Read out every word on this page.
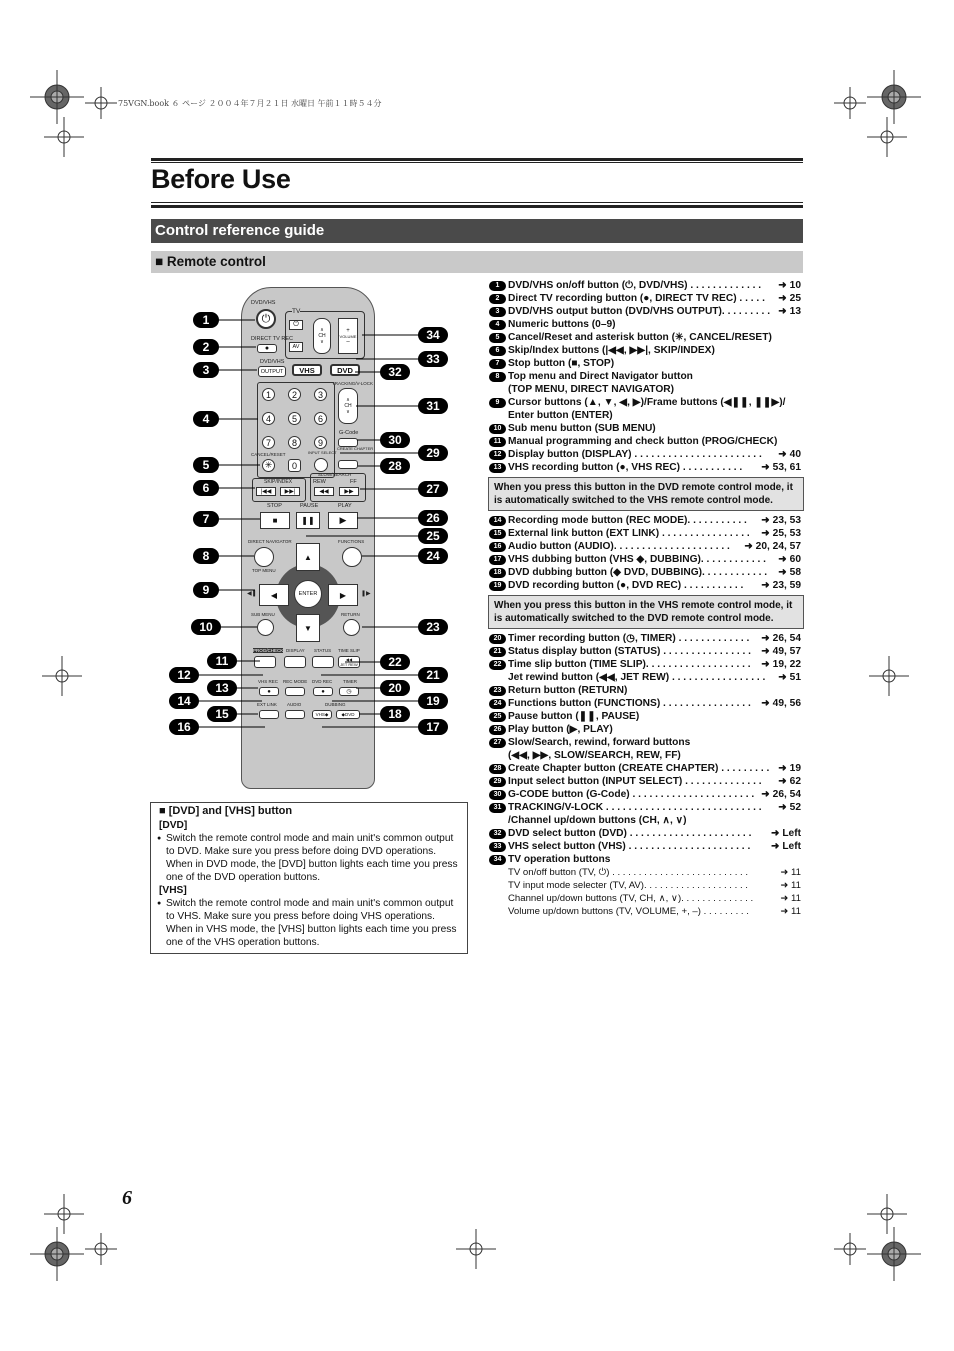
75VGN.book ６ ページ ２００４年７月２１日 水曜日 午前１１時５４分
Before Use
Control reference guide
■ Remote control
DVD/VHS
⏻
DIRECT TV REC
●
DVD/VHS
OUTPUT
TV
⏻
AV
∧
CH
∨
+
VOLUME
–
VHS	DVD
1	2	3
4	5	6
7	8	9
CANCEL/RESET
✳	0
TRACKING/V-LOCK
∧
CH
∨
G-Code
INPUT SELECT
CREATE CHAPTER
SKIP/INDEX
|◀◀	▶▶|
SLOW/SEARCH
REW	FF
◀◀	▶▶
STOP	PAUSE	PLAY
■	❚❚	▶
DIRECT NAVIGATOR	FUNCTIONS
TOP MENU
▲
▼
◀	▶
ENTER
◀❚	❚▶
SUB MENU	RETURN
PROG/CHECK DISPLAY STATUS TIME SLIP
◀◀
JET REW
VHS REC REC MODE DVD REC TIMER
●	●	◷
EXT LINK AUDIO	DUBBING
VHS◆	◆DVD
1
2
3
4
5
6
7
8
9
10
11
12
13
14
15
16	17
18
19
20
21
22
23
24
25
26
27
28
29
30
31
32
33
34
1 DVD/VHS on/off button (⏻, DVD/VHS) . . . . . . . . . . . . . ➜ 10
2 Direct TV recording button (●, DIRECT TV REC) . . . . . ➜ 25
3 DVD/VHS output button (DVD/VHS OUTPUT). . . . . . . . . ➜ 13
4 Numeric buttons (0–9)
5 Cancel/Reset and asterisk button (✳, CANCEL/RESET)
6 Skip/Index buttons (|◀◀, ▶▶|, SKIP/INDEX)
7 Stop button (■, STOP)
8 Top menu and Direct Navigator button
(TOP MENU, DIRECT NAVIGATOR)
9 Cursor buttons (▲, ▼, ◀, ▶)/Frame buttons (◀❚❚, ❚❚▶)/
Enter button (ENTER)
10 Sub menu button (SUB MENU)
11 Manual programming and check button (PROG/CHECK)
12 Display button (DISPLAY) . . . . . . . . . . . . . . . . . . . . . . . ➜ 40
13 VHS recording button (●, VHS REC) . . . . . . . . . . . ➜ 53, 61
When you press this button in the DVD remote control mode, it is automatically switched to the VHS remote control mode.
14 Recording mode button (REC MODE). . . . . . . . . . . ➜ 23, 53
15 External link button (EXT LINK) . . . . . . . . . . . . . . . . ➜ 25, 53
16 Audio button (AUDIO). . . . . . . . . . . . . . . . . . . . . ➜ 20, 24, 57
17 VHS dubbing button (VHS ◆, DUBBING). . . . . . . . . . . . ➜ 60
18 DVD dubbing button (◆ DVD, DUBBING). . . . . . . . . . . . ➜ 58
19 DVD recording button (●, DVD REC) . . . . . . . . . . . ➜ 23, 59
When you press this button in the VHS remote control mode, it is automatically switched to the DVD remote control mode.
20 Timer recording button (◷, TIMER) . . . . . . . . . . . . . ➜ 26, 54
21 Status display button (STATUS) . . . . . . . . . . . . . . . . ➜ 49, 57
22 Time slip button (TIME SLIP). . . . . . . . . . . . . . . . . . . ➜ 19, 22
Jet rewind button (◀◀, JET REW) . . . . . . . . . . . . . . . . . ➜ 51
23 Return button (RETURN)
24 Functions button (FUNCTIONS) . . . . . . . . . . . . . . . . ➜ 49, 56
25 Pause button (❚❚, PAUSE)
26 Play button (▶, PLAY)
27 Slow/Search, rewind, forward buttons
(◀◀, ▶▶, SLOW/SEARCH, REW, FF)
28 Create Chapter button (CREATE CHAPTER) . . . . . . . . . ➜ 19
29 Input select button (INPUT SELECT) . . . . . . . . . . . . . . ➜ 62
30 G-CODE button (G-Code) . . . . . . . . . . . . . . . . . . . . . . ➜ 26, 54
31 TRACKING/V-LOCK . . . . . . . . . . . . . . . . . . . . . . . . . . . . ➜ 52
/Channel up/down buttons (CH, ∧, ∨)
32 DVD select button (DVD) . . . . . . . . . . . . . . . . . . . . . . ➜ Left
33 VHS select button (VHS) . . . . . . . . . . . . . . . . . . . . . . ➜ Left
34 TV operation buttons
TV on/off button (TV, ⏻) . . . . . . . . . . . . . . . . . . . . . . . . . .	➜ 11
TV input mode selecter (TV, AV). . . . . . . . . . . . . . . . . . . .	➜ 11
Channel up/down buttons (TV, CH, ∧, ∨). . . . . . . . . . . . . .	➜ 11
Volume up/down buttons (TV, VOLUME, +, –) . . . . . . . . .	➜ 11
■ [DVD] and [VHS] button
[DVD]
● Switch the remote control mode and main unit's common output to DVD. Make sure you press before doing DVD operations. When in DVD mode, the [DVD] button lights each time you press one of the DVD operation buttons.
[VHS]
● Switch the remote control mode and main unit's common output to VHS. Make sure you press before doing VHS operations. When in VHS mode, the [VHS] button lights each time you press one of the VHS operation buttons.
6
